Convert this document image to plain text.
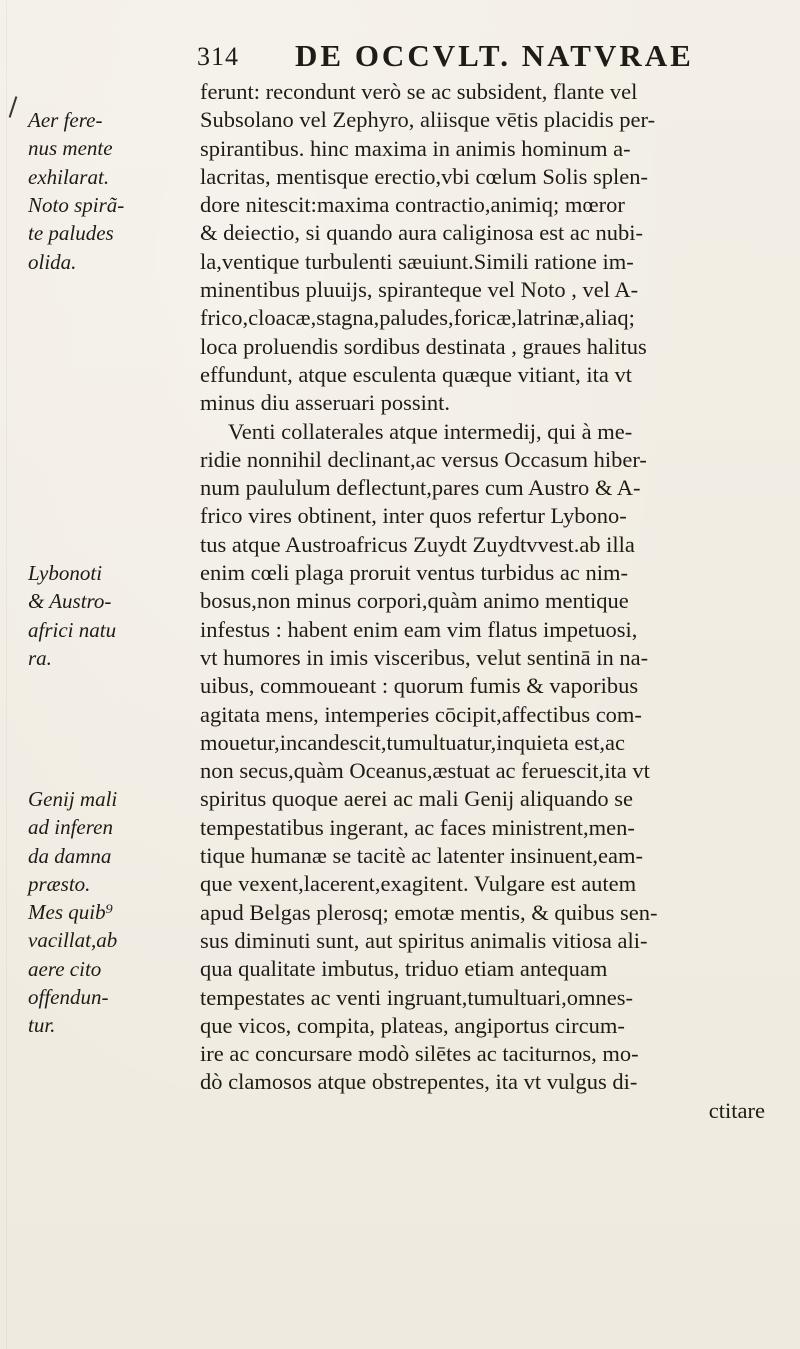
314 DE OCCVLT. NATVRAE
Aer fere-
nus mente
exhilarat.
Noto spirã-
te paludes
olida.
Lybonoti
& Austro-
africi natu
ra.
Genij mali
ad inferen
da damna
præsto.
Mes quib⁹
vacillat,ab
aere cito
offendun-
tur.
ferunt: recondunt verò se ac subsident, flante vel
Subsolano vel Zephyro, aliisque vētis placidis per-
spirantibus. hinc maxima in animis hominum a-
lacritas, mentisque erectio,vbi cœlum Solis splen-
dore nitescit:maxima contractio,animiq; mœror
& deiectio, si quando aura caliginosa est ac nubi-
la,ventique turbulenti sæuiunt.Simili ratione im-
minentibus pluuijs, spiranteque vel Noto , vel A-
frico,cloacæ,stagna,paludes,foricæ,latrinæ,aliaq;
loca proluendis sordibus destinata , graues halitus
effundunt, atque esculenta quæque vitiant, ita vt
minus diu asseruari possint.
Venti collaterales atque intermedij, qui à me-
ridie nonnihil declinant,ac versus Occasum hiber-
num paululum deflectunt,pares cum Austro & A-
frico vires obtinent, inter quos refertur Lybono-
tus atque Austroafricus Zuydt Zuydtvvest.ab illa
enim cœli plaga proruit ventus turbidus ac nim-
bosus,non minus corpori,quàm animo mentique
infestus : habent enim eam vim flatus impetuosi,
vt humores in imis visceribus, velut sentinā in na-
uibus, commoueant : quorum fumis & vaporibus
agitata mens, intemperies cōcipit,affectibus com-
mouetur,incandescit,tumultuatur,inquieta est,ac
non secus,quàm Oceanus,æstuat ac feruescit,ita vt
spiritus quoque aerei ac mali Genij aliquando se
tempestatibus ingerant, ac faces ministrent,men-
tique humanæ se tacitè ac latenter insinuent,eam-
que vexent,lacerent,exagitent. Vulgare est autem
apud Belgas plerosq; emotæ mentis, & quibus sen-
sus diminuti sunt, aut spiritus animalis vitiosa ali-
qua qualitate imbutus, triduo etiam antequam
tempestates ac venti ingruant,tumultuari,omnes-
que vicos, compita, plateas, angiportus circum-
ire ac concursare modò silētes ac taciturnos, mo-
dò clamosos atque obstrepentes, ita vt vulgus di-
ctitare
